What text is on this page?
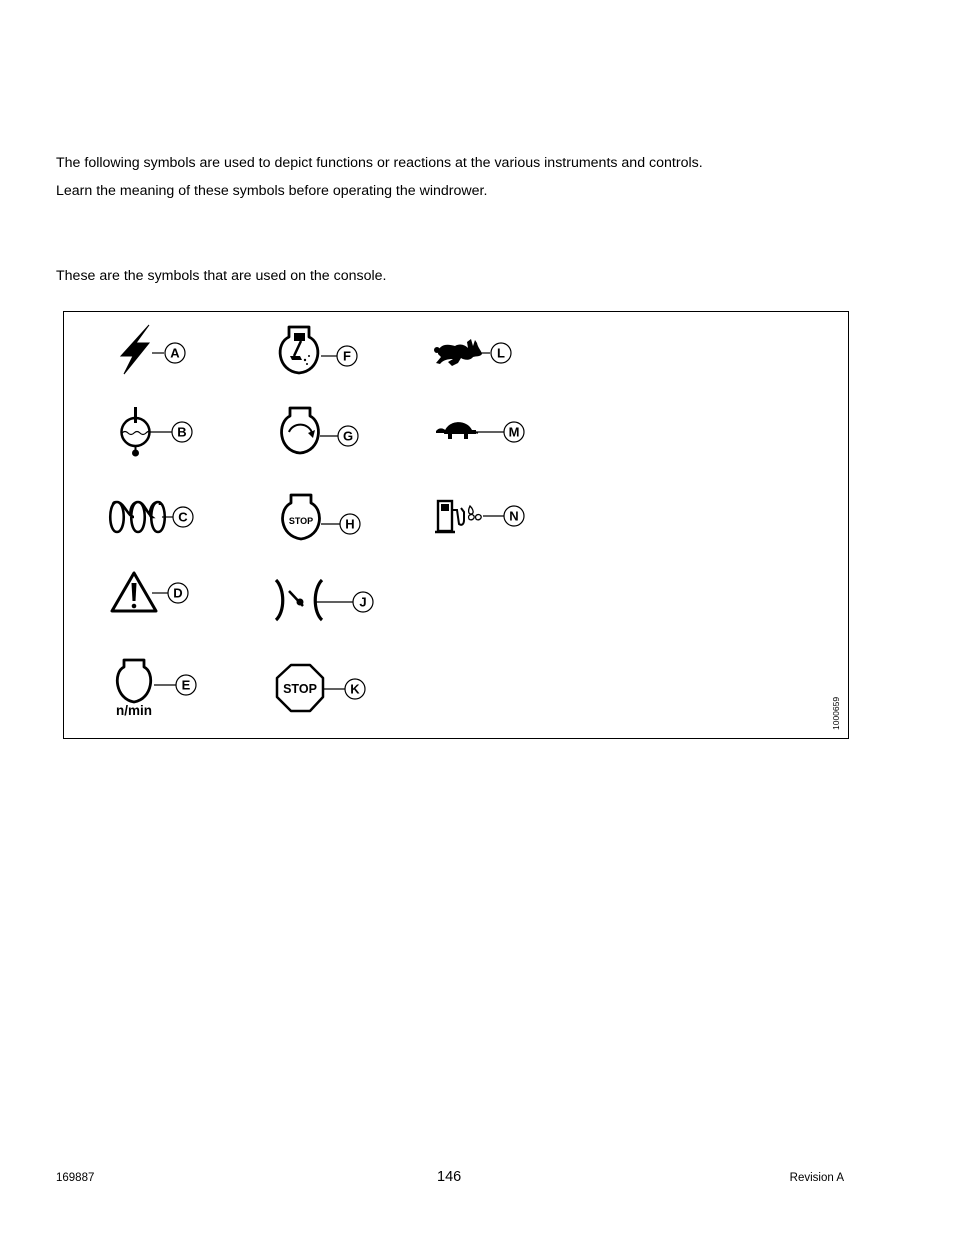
The following symbols are used to depict functions or reactions at the various instruments and controls.

Learn the meaning of these symbols before operating the windrower.

These are the symbols that are used on the console.

A
B
C
D
n/min
E
F
G
STOP H
J
STOP	K
L
M
N
1000659
169887	146	Revision A
